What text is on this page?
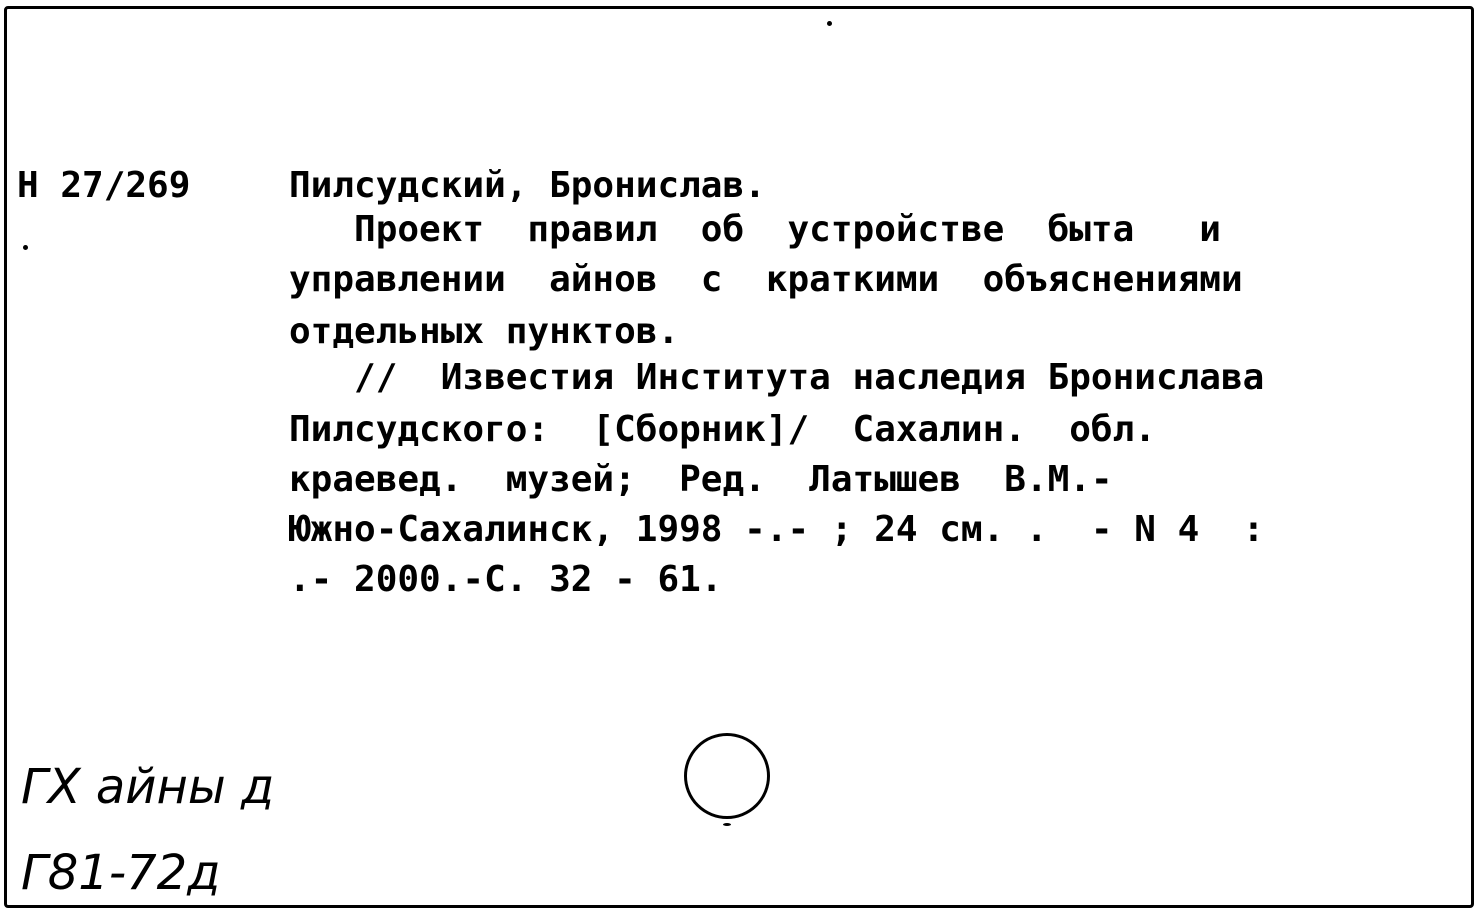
Н 27/269	Пилсудский, Бронислав.
Проект  правил  об  устройстве  быта   и
управлении  айнов  с  краткими  объяснениями
отдельных пунктов.
//  Известия Института наследия Бронислава
Пилсудского:  [Сборник]/  Сахалин.  обл.
краевед.  музей;  Ред.  Латышев  В.М.-
Южно-Сахалинск, 1998 -.- ; 24 см. .  - N 4  :
.- 2000.-С. 32 - 61.
ГХ айны д
Г81-72д
